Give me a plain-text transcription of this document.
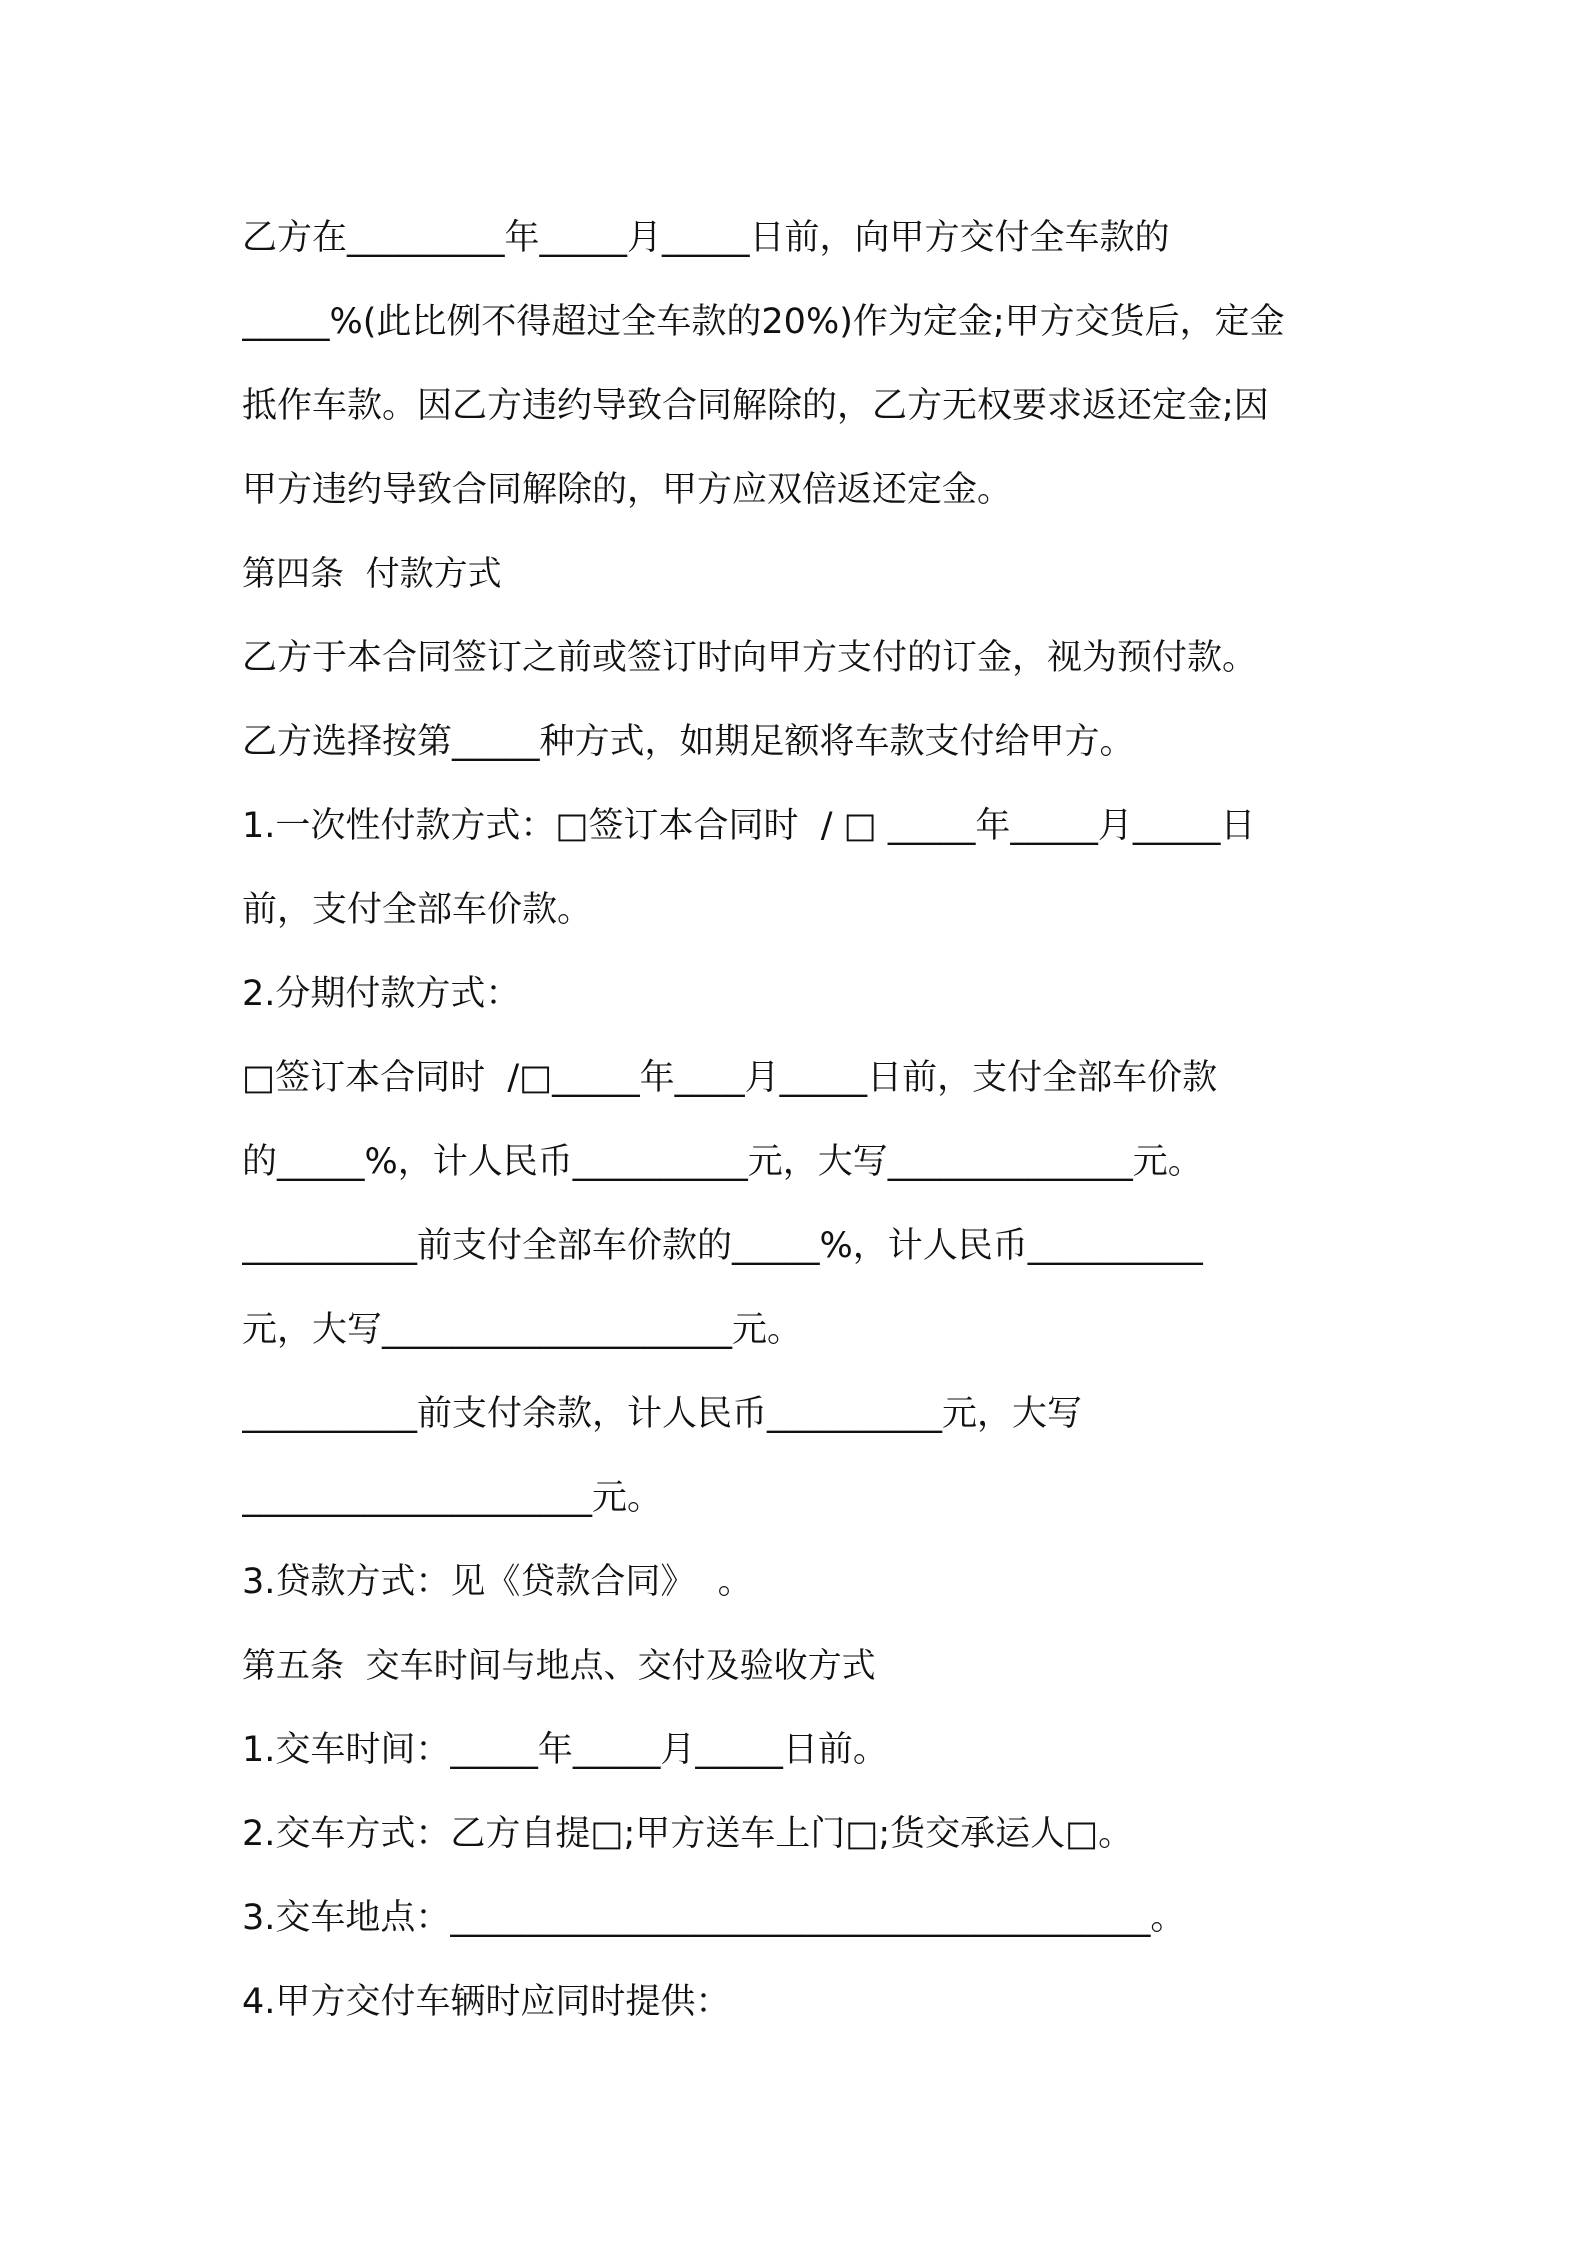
乙方在_________年_____月_____日前，向甲方交付全车款的
_____%(此比例不得超过全车款的20%)作为定金;甲方交货后，定金
抵作车款。因乙方违约导致合同解除的，乙方无权要求返还定金;因
甲方违约导致合同解除的，甲方应双倍返还定金。
第四条  付款方式
乙方于本合同签订之前或签订时向甲方支付的订金，视为预付款。
乙方选择按第_____种方式，如期足额将车款支付给甲方。
1.一次性付款方式：□签订本合同时  / □ _____年_____月_____日
前，支付全部车价款。
2.分期付款方式：
□签订本合同时  /□_____年____月_____日前，支付全部车价款
的_____%，计人民币__________元，大写______________元。
__________前支付全部车价款的_____%，计人民币__________
元，大写____________________元。
__________前支付余款，计人民币__________元，大写
____________________元。
3.贷款方式：见《贷款合同》  。
第五条  交车时间与地点、交付及验收方式
1.交车时间：_____年_____月_____日前。
2.交车方式：乙方自提□;甲方送车上门□;货交承运人□。
3.交车地点：________________________________________。
4.甲方交付车辆时应同时提供：
